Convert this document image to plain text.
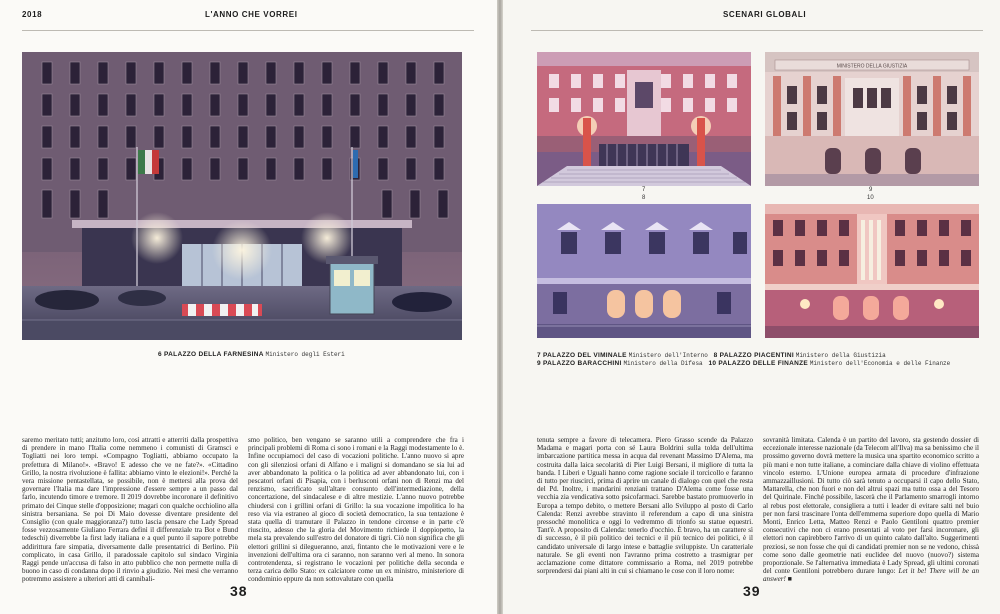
2018	L'ANNO CHE VORREI
6 PALAZZO DELLA FARNESINA Ministero degli Esteri
saremo meritato tutti; anzitutto loro, così attratti e atterriti dalla prospettiva di prendere in mano l'Italia come nemmeno i comunisti di Gramsci e Togliatti nei loro tempi. «Compagno Togliatti, abbiamo occupato la prefettura di Milano!». «Bravo! E adesso che ve ne fate?». «Cittadino Grillo, la nostra rivoluzione è fallita: abbiamo vinto le elezioni!». Perché la vera missione pentastellata, se possibile, non è mettersi alla prova del governare l'Italia ma dare l'impressione d'essere sempre a un passo dal farlo, incutendo timore e tremore. Il 2019 dovrebbe incoronare il definitivo primato dei Cinque stelle d'opposizione; magari con qualche occhiolino alla sinistra bersaniana. Se poi Di Maio dovesse diventare presidente del Consiglio (con quale maggioranza?) tutto lascia pensare che Lady Spread fosse vezzosamente Giuliano Ferrara definì il differenziale tra Bot e Bund tedeschi) diverrebbe la first lady italiana e a quel punto il sapore potrebbe addirittura fare simpatia, diversamente dalle presentatrici di Berlino. Più complicato, in casa Grillo, il paradossale capitolo sul sindaco Virginia Raggi pende un'accusa di falso in atto pubblico che non permette nulla di buono in caso di condanna dopo il rinvio a giudizio. Nei mesi che verranno potremmo assistere a ulteriori atti di cannibali-
smo politico, ben vengano se saranno utili a comprendere che fra i principali problemi di Roma ci sono i romani e la Raggi modestamente lo è. Infine occupiamoci del caso di vocazioni politiche. L'anno nuovo si apre con gli silenziosi orfani di Alfano e i maligni si domandano se sia lui ad aver abbandonato la politica o la politica ad aver abbandonato lui, con i pescatori orfani di Pisapia, con i berlusconi orfani non di Renzi ma del renzismo, sacrificato sull'altare consunto dell'intermediazione, della concertazione, del sindacalese e di altre mestizie. L'anno nuovo potrebbe chiudersi con i grillini orfani di Grillo: la sua vocazione impolitica lo ha reso via via estraneo al gioco di società democratico, la sua tentazione è stata quella di tramutare il Palazzo in tendone circense e in parte c'è riuscito, adesso che la gloria del Movimento richiede il doppiopetto, la mela sta prevalendo sull'estro del donatore di tigri. Ciò non significa che gli elettori grillini si dilegueranno, anzi, fintanto che le motivazioni vere e le invenzioni dell'ultima ora ci saranno, non saranno veri al meno. In sonora controtendenza, si registrano le vocazioni per politiche della seconda e terza carica dello Stato: ex calciatore come un ex ministro, ministeriore di condominio eppure da non sottovalutare con quella
38
SCENARI GLOBALI
MINISTERO DELLA GIUSTIZIA
7
8
9
10
7 PALAZZO DEL VIMINALE Ministero dell'Interno 8 PALAZZO PIACENTINI Ministero della Giustizia
9 PALAZZO BARACCHINI Ministero della Difesa 10 PALAZZO DELLE FINANZE Ministero dell'Economia e delle Finanze
tenuta sempre a favore di telecamera. Piero Grasso scende da Palazzo Madama e magari porta con sé Laura Boldrini sulla tolda dell'ultima imbarcazione partitica messa in acqua dal revenant Massimo D'Alema, ma costruita dalla laica secolarità di Pier Luigi Bersani, il migliore di tutta la banda. I Liberi e Uguali hanno come ragione sociale il torcicollo e faranno di tutto per riuscirci, prima di aprire un canale di dialogo con quel che resta del Pd. Inoltre, i mandarini renziani trattano D'Alema come fosse una vecchia zia vendicativa sotto psicofarmaci. Sarebbe bastato promuoverlo in Europa a tempo debito, o mettere Bersani allo Sviluppo al posto di Carlo Calenda: Renzi avrebbe stravinto il referendum a capo di una sinistra pressoché monolitica e oggi lo vedremmo di trionfo su statue equestri. Tant'è. A proposito di Calenda: tenerlo d'occhio. È bravo, ha un carattere sì di successo, è il più politico dei tecnici e il più tecnico dei politici, è il candidato universale di largo intese e battaglie sviluppiste. Un caratteriale naturale. Se gli eventi non l'avranno prima costretto a trasmigrar per acclamazione come dittatore commissario a Roma, nel 2019 potrebbe sorprendersi dai piani alti in cui si chiamano le cose con il loro nome:
sovranità limitata. Calenda è un partito del lavoro, sta gestendo dossier di eccezionale interesse nazionale (da Telecom all'Ilva) ma sa benissimo che il prossimo governo dovrà mettere la musica una spartito economico scritto a più mani e non tutte italiane, a cominciare dalla chiave di violino effettuata vincolo esterno. L'Unione europea armata di procedure d'infrazione ammazzaillusioni. Di tutto ciò sarà tenuto a occuparsi il capo dello Stato, Mattarella, che non fuori e non del altrui spazi ma tutto ossa a del Tesoro del Quirinale. Finché possibile, lascerà che il Parlamento smarrogli intorno al rebus post elettorale, consigliera a tutti i leader di evitare salti nel buio per non farsi trascinare l'onta dell'emmema superiore dopo quella di Mario Monti, Enrico Letta, Matteo Renzi e Paolo Gentiloni quattro premier consecutivi che non ci erano presentati al voto per farsi incoronare, gli elettori non capirebbero l'arrivo di un quinto calato dall'alto. Suggerimenti preziosi, se non fosse che qui di candidati premier non se ne vedono, chissà come sono dalle geometrie nati euclidee del nuovo (nuovo?) sistema proporzionale. Se l'alternativa immediata è Lady Spread, gli ultimi coronati del conte Gentiloni potrebbero durare lungo: Let it be! There will be an answer! ■
39
